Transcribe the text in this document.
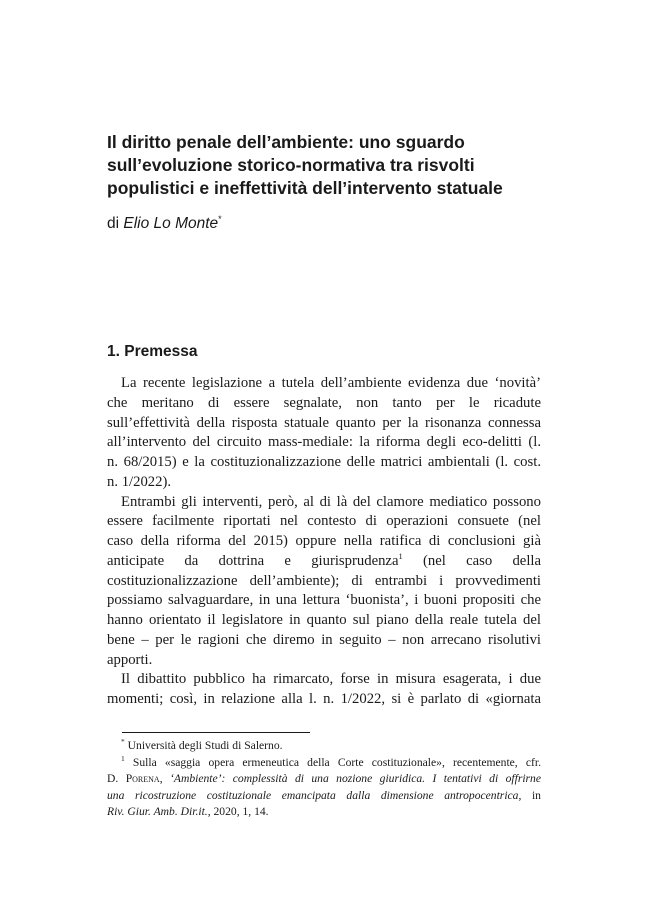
Il diritto penale dell’ambiente: uno sguardo
sull’evoluzione storico-normativa tra risvolti
populistici e ineffettività dell’intervento statuale
di Elio Lo Monte*
1. Premessa
La recente legislazione a tutela dell’ambiente evidenza due ‘novità’
che meritano di essere segnalate, non tanto per le ricadute
sull’effettività della risposta statuale quanto per la risonanza connessa
all’intervento del circuito mass-mediale: la riforma degli eco-delitti (l.
n. 68/2015) e la costituzionalizzazione delle matrici ambientali (l. cost.
n. 1/2022).
Entrambi gli interventi, però, al di là del clamore mediatico possono
essere facilmente riportati nel contesto di operazioni consuete (nel
caso della riforma del 2015) oppure nella ratifica di conclusioni già
anticipate da dottrina e giurisprudenza$^1$ (nel caso della
costituzionalizzazione dell’ambiente); di entrambi i provvedimenti
possiamo salvaguardare, in una lettura ‘buonista’, i buoni propositi che
hanno orientato il legislatore in quanto sul piano della reale tutela del
bene – per le ragioni che diremo in seguito – non arrecano risolutivi
apporti.
Il dibattito pubblico ha rimarcato, forse in misura esagerata, i due
momenti; così, in relazione alla l. n. 1/2022, si è parlato di «giornata
* Università degli Studi di Salerno.
$^1$ Sulla «saggia opera ermeneutica della Corte costituzionale», recentemente, cfr.
D. Porena, ‘Ambiente’: complessità di una nozione giuridica. I tentativi di offrirne
una ricostruzione costituzionale emancipata dalla dimensione antropocentrica, in
Riv. Giur. Amb. Dir.it., 2020, 1, 14.
